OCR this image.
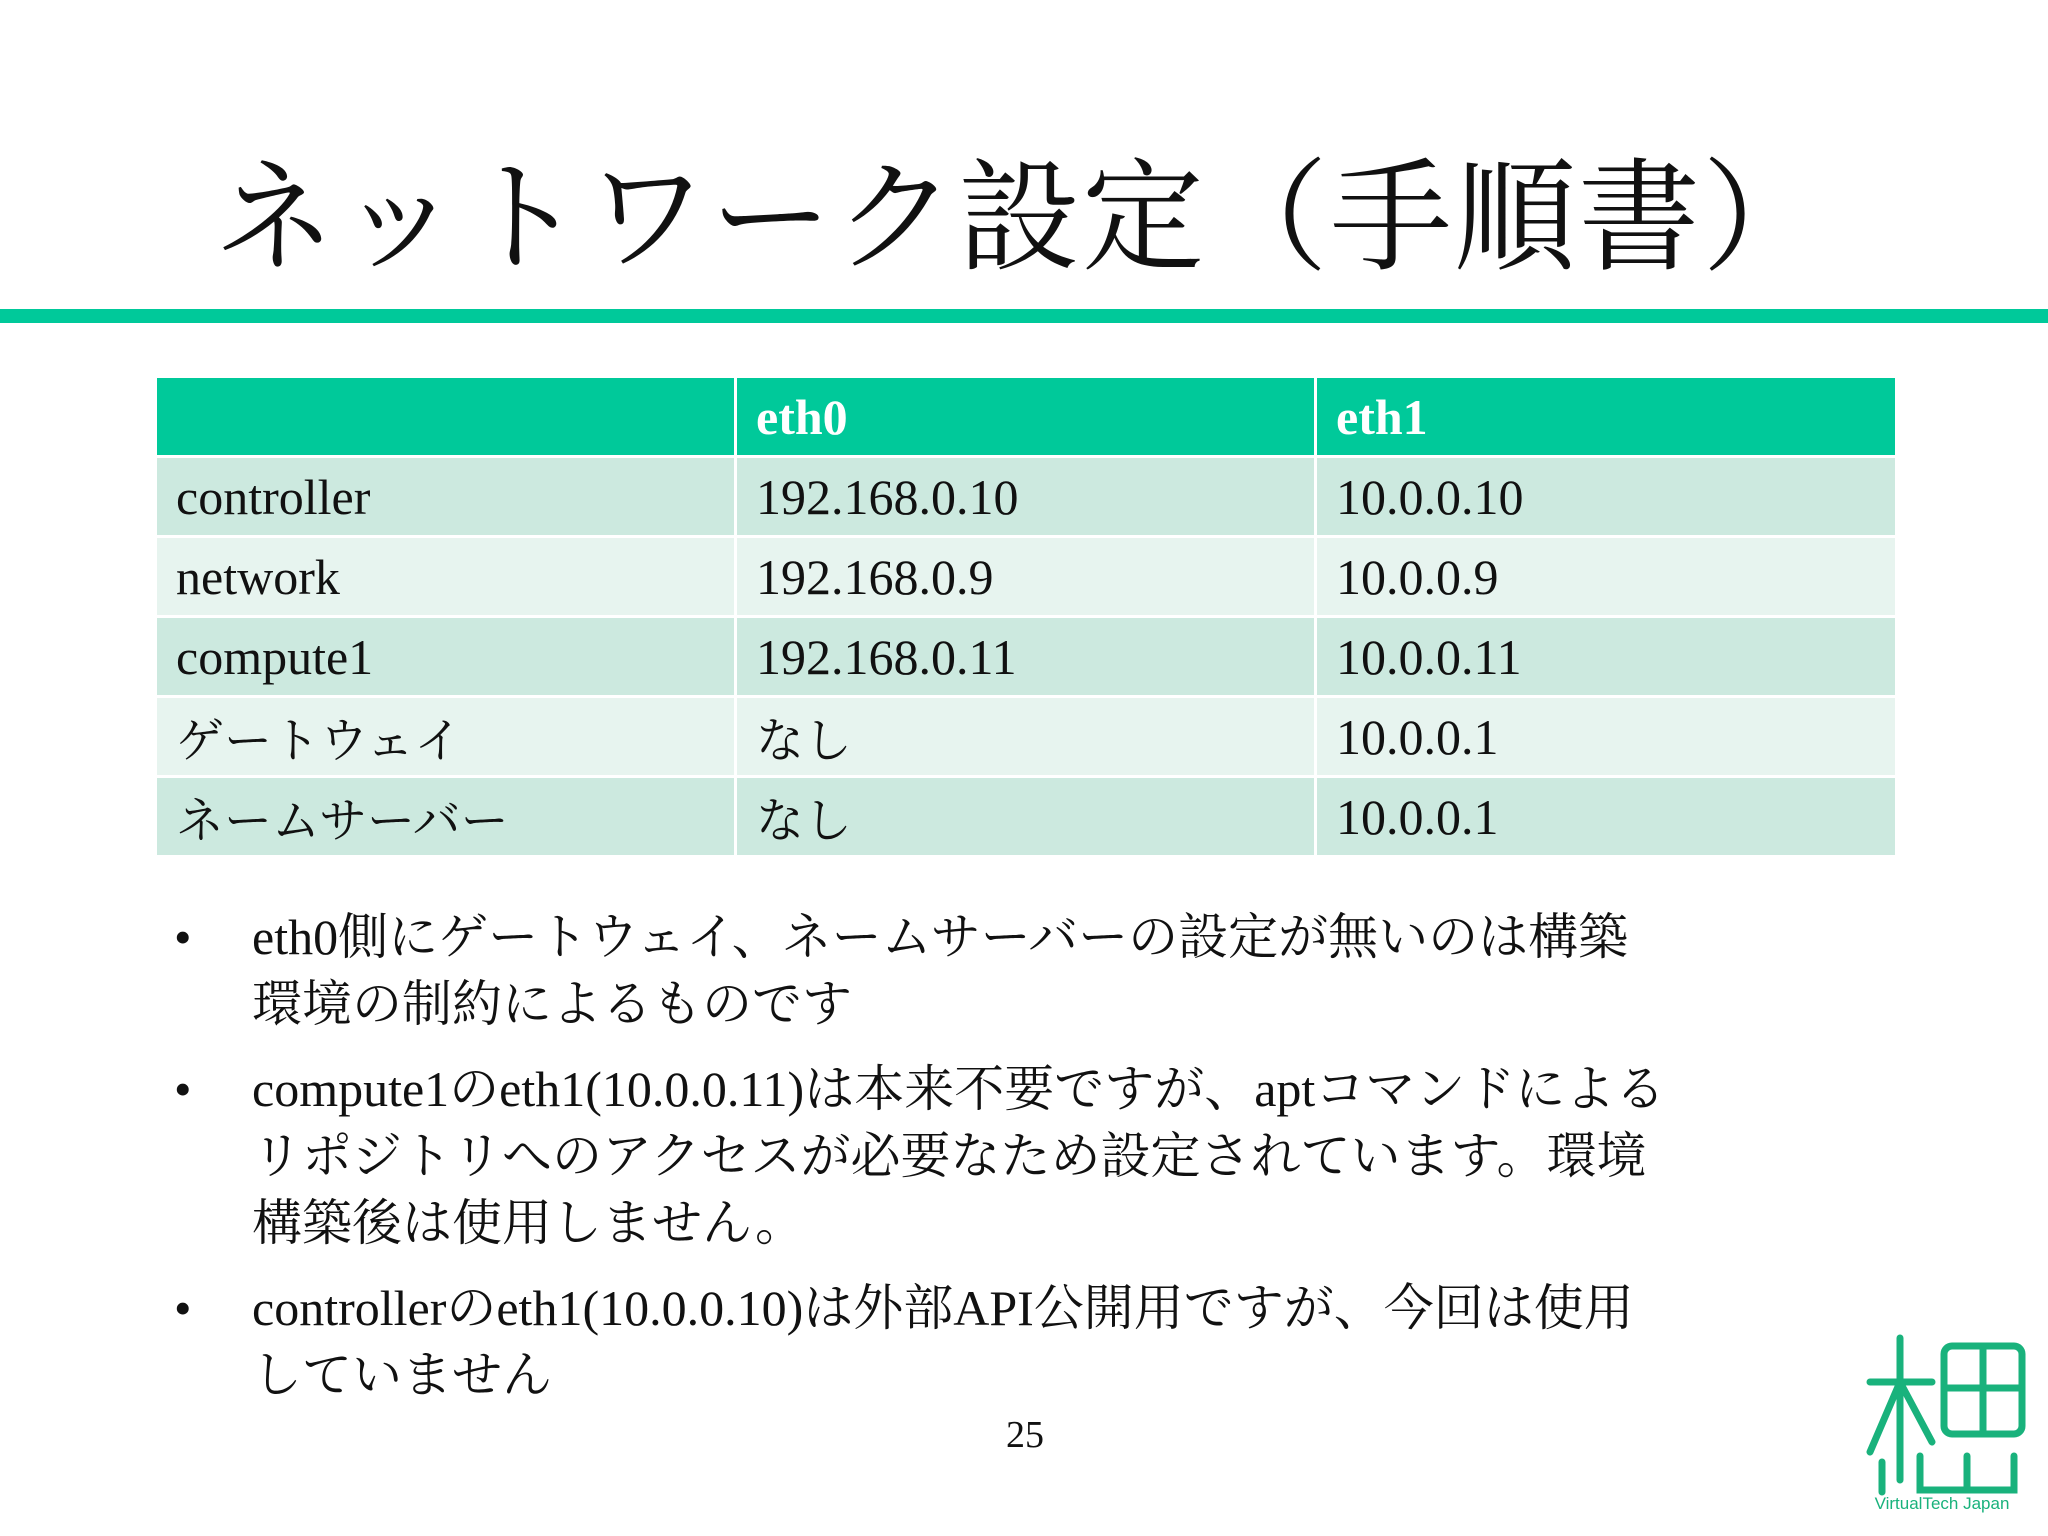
ネットワーク設定（手順書）
	eth0	eth1
controller	192.168.0.10	10.0.0.10
network	192.168.0.9	10.0.0.9
compute1	192.168.0.11	10.0.0.11
ゲートウェイ	なし	10.0.0.1
ネームサーバー	なし	10.0.0.1
• eth0側にゲートウェイ、ネームサーバーの設定が無いのは構築
環境の制約によるものです
• compute1のeth1(10.0.0.11)は本来不要ですが、aptコマンドによる
リポジトリへのアクセスが必要なため設定されています。環境
構築後は使用しません。
• controllerのeth1(10.0.0.10)は外部API公開用ですが、今回は使用
していません
25
VirtualTech Japan
